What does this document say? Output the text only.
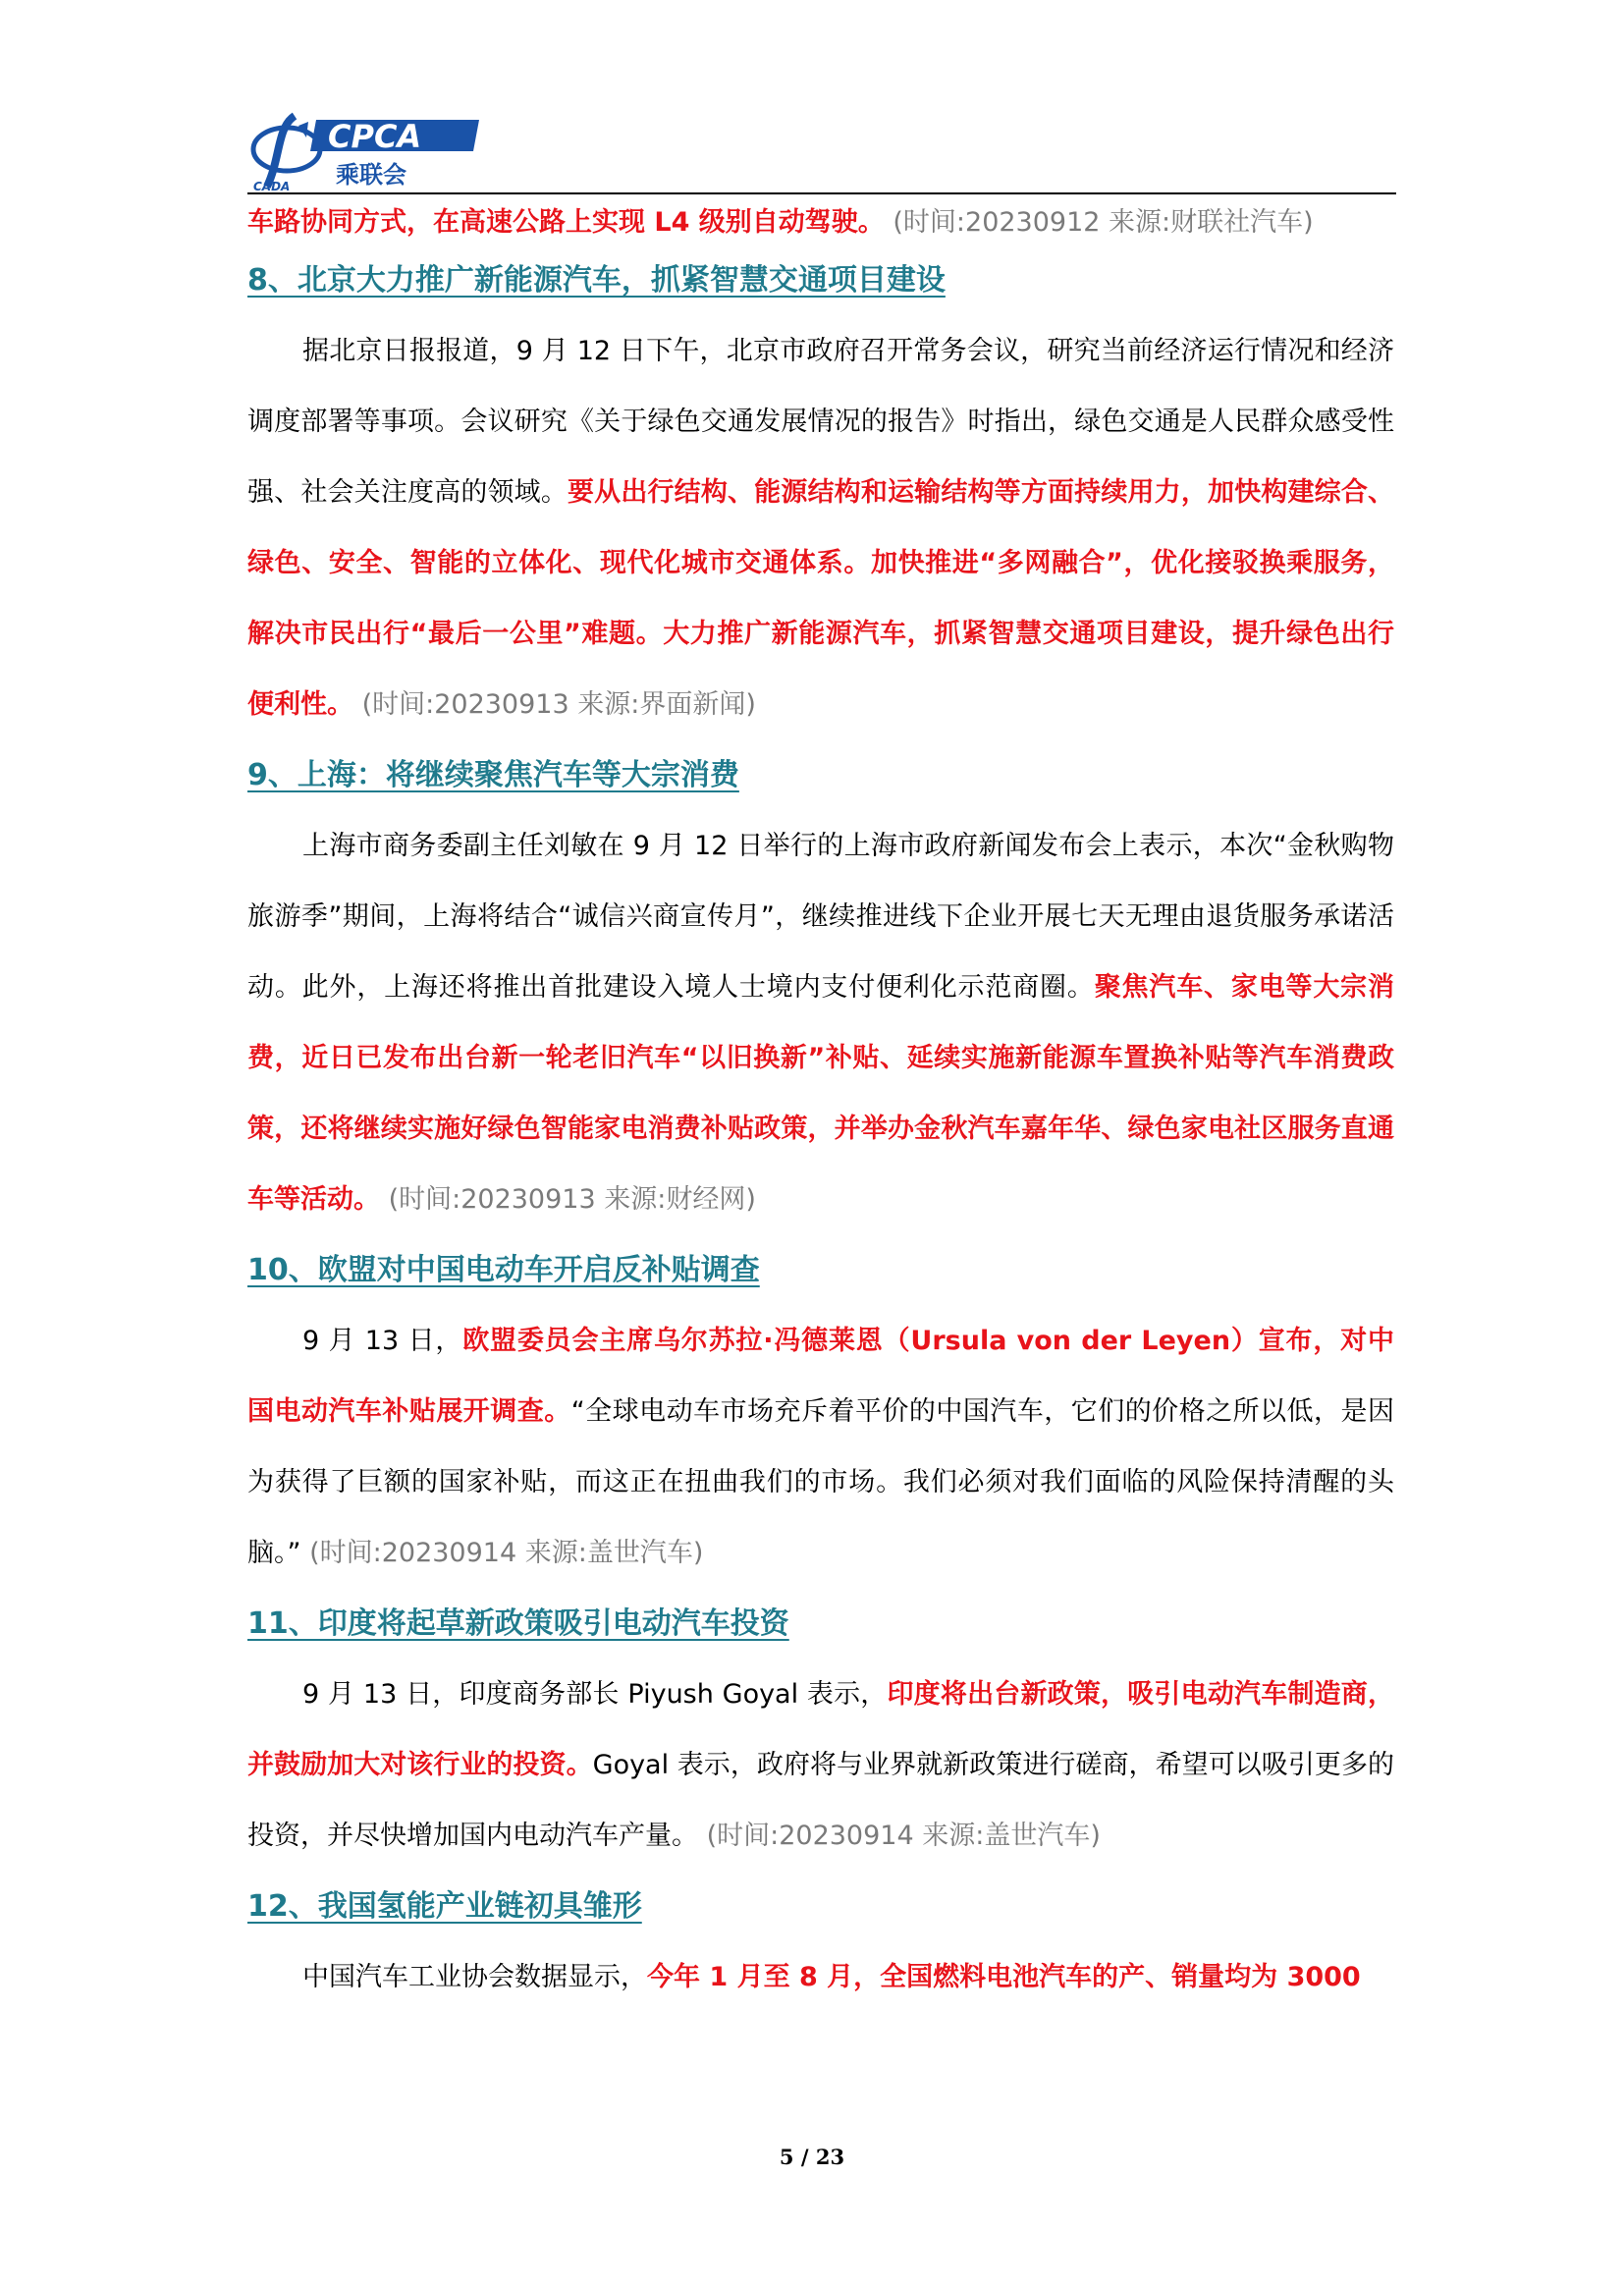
CADA
CPCA
乘联会

车路协同方式，在高速公路上实现 L4 级别自动驾驶。 (时间:20230912 来源:财联社汽车)

8、北京大力推广新能源汽车，抓紧智慧交通项目建设

据北京日报报道，9 月 12 日下午，北京市政府召开常务会议，研究当前经济运行情况和经济调度部署等事项。会议研究《关于绿色交通发展情况的报告》时指出，绿色交通是人民群众感受性强、社会关注度高的领域。要从出行结构、能源结构和运输结构等方面持续用力，加快构建综合、绿色、安全、智能的立体化、现代化城市交通体系。加快推进“多网融合”，优化接驳换乘服务，解决市民出行“最后一公里”难题。大力推广新能源汽车，抓紧智慧交通项目建设，提升绿色出行便利性。 (时间:20230913 来源:界面新闻)

9、上海：将继续聚焦汽车等大宗消费

上海市商务委副主任刘敏在 9 月 12 日举行的上海市政府新闻发布会上表示，本次“金秋购物旅游季”期间，上海将结合“诚信兴商宣传月”，继续推进线下企业开展七天无理由退货服务承诺活动。此外，上海还将推出首批建设入境人士境内支付便利化示范商圈。聚焦汽车、家电等大宗消费，近日已发布出台新一轮老旧汽车“以旧换新”补贴、延续实施新能源车置换补贴等汽车消费政策，还将继续实施好绿色智能家电消费补贴政策，并举办金秋汽车嘉年华、绿色家电社区服务直通车等活动。 (时间:20230913 来源:财经网)

10、欧盟对中国电动车开启反补贴调查

9 月 13 日，欧盟委员会主席乌尔苏拉·冯德莱恩（Ursula von der Leyen）宣布，对中国电动汽车补贴展开调查。“全球电动车市场充斥着平价的中国汽车，它们的价格之所以低，是因为获得了巨额的国家补贴，而这正在扭曲我们的市场。我们必须对我们面临的风险保持清醒的头脑。” (时间:20230914 来源:盖世汽车)

11、印度将起草新政策吸引电动汽车投资

9 月 13 日，印度商务部长 Piyush Goyal 表示，印度将出台新政策，吸引电动汽车制造商，并鼓励加大对该行业的投资。Goyal 表示，政府将与业界就新政策进行磋商，希望可以吸引更多的投资，并尽快增加国内电动汽车产量。 (时间:20230914 来源:盖世汽车)

12、我国氢能产业链初具雏形

中国汽车工业协会数据显示，今年 1 月至 8 月，全国燃料电池汽车的产、销量均为 3000

5 / 23
